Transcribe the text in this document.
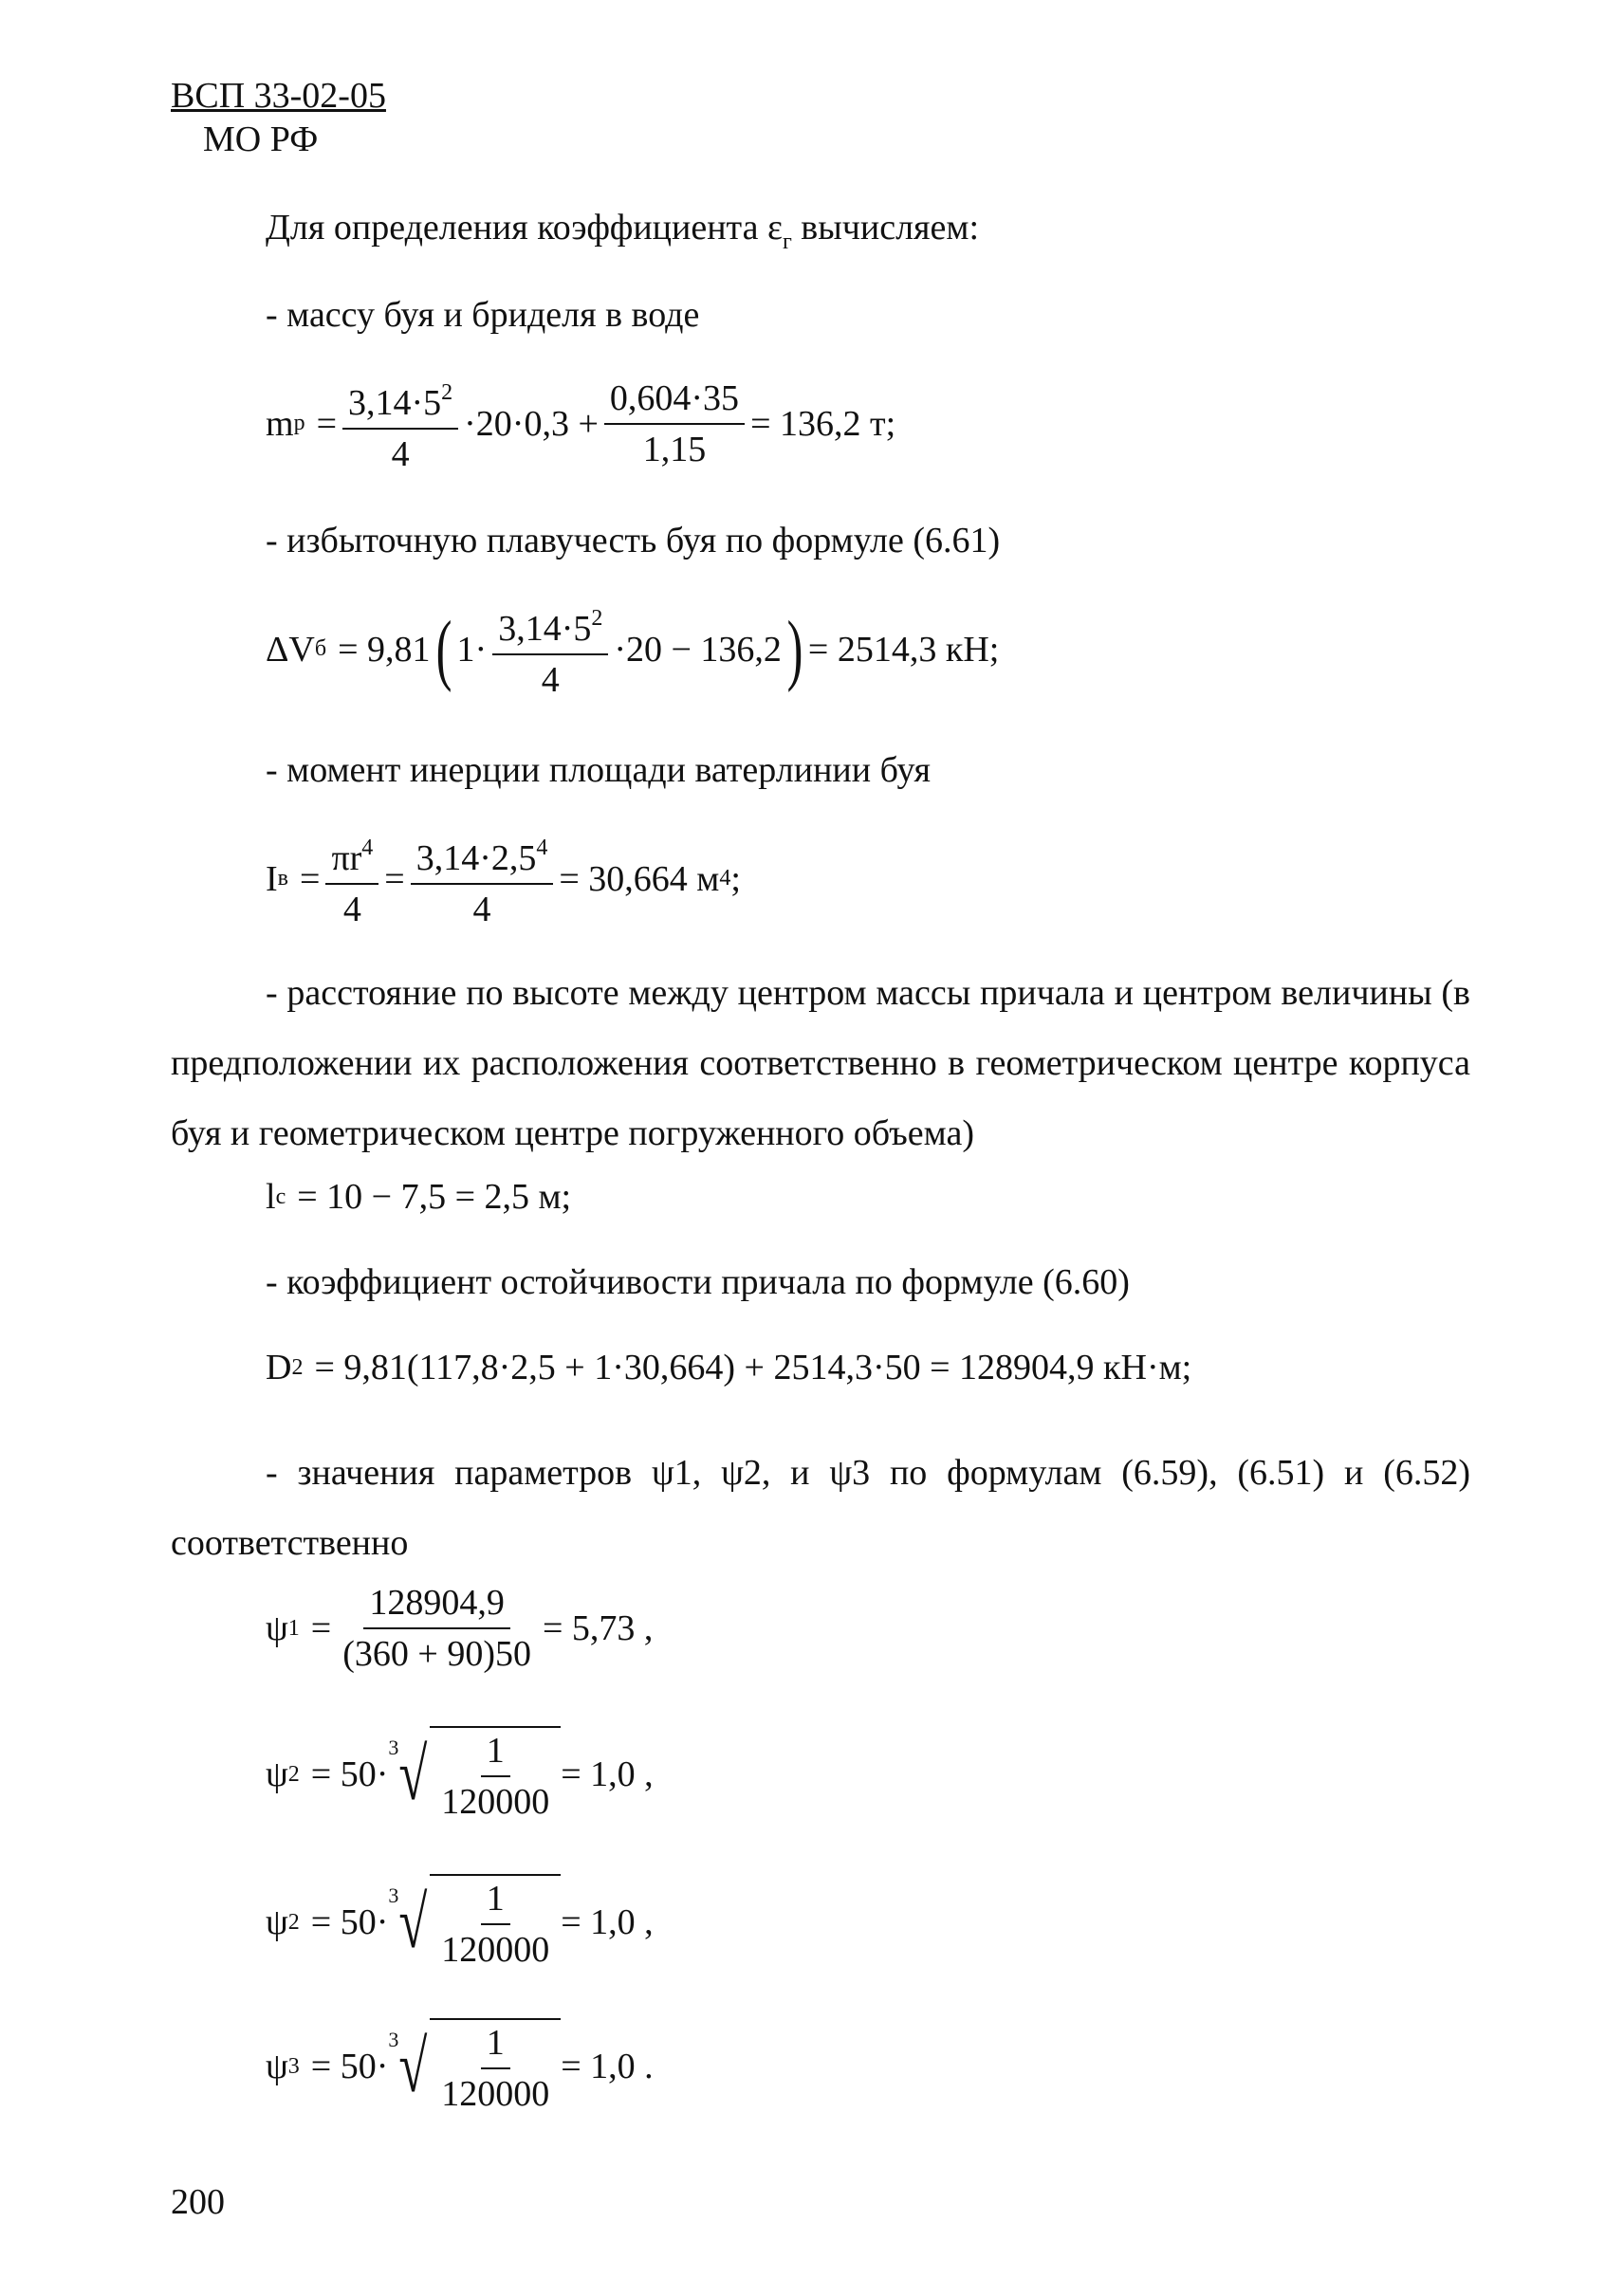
ВСП 33-02-05
МО РФ
Для определения коэффициента $\varepsilon_г$ вычисляем:
- массу буя и бриделя в воде
m $р = \frac{3,14\cdot 5^2}{4} \cdot 20\cdot 0,3 + \frac{0,604\cdot 35}{1,15} = 136,2$ т;
- избыточную плавучесть буя по формуле (6.61)
ΔV б = 9,81 ( $1\cdot \frac{3,14\cdot 5^2}{4} \cdot 20 - 136,2$ ) = 2514,3 кН;
- момент инерции площади ватерлинии буя
I $в = \frac{\pi r^4}{4} = \frac{3,14\cdot 2,5^4}{4} = 30,664$ м 4 ;
- расстояние по высоте между центром массы причала и центром величины (в предположении их расположения соответственно в геометрическом центре корпуса буя и геометрическом центре погруженного объема)
l c = 10 − 7,5 = 2,5 м;
- коэффициент остойчивости причала по формуле (6.60)
D 2 = 9,81(117,8·2,5 + 1·30,664) + 2514,3·50 = 128904,9 кН·м;
- значения параметров ψ1, ψ2, и ψ3 по формулам (6.59), (6.51) и (6.52) соответственно
ψ $1 = \frac{128904,9}{(360 + 90)50} = 5,73$ ,
ψ 2 = 50·
3 √ $\frac{1}{120000} = 1,0$ ,
ψ 2 = 50·
3 √ $\frac{1}{120000} = 1,0$ ,
ψ 3 = 50·
3 √ $\frac{1}{120000} = 1,0$ .
200
